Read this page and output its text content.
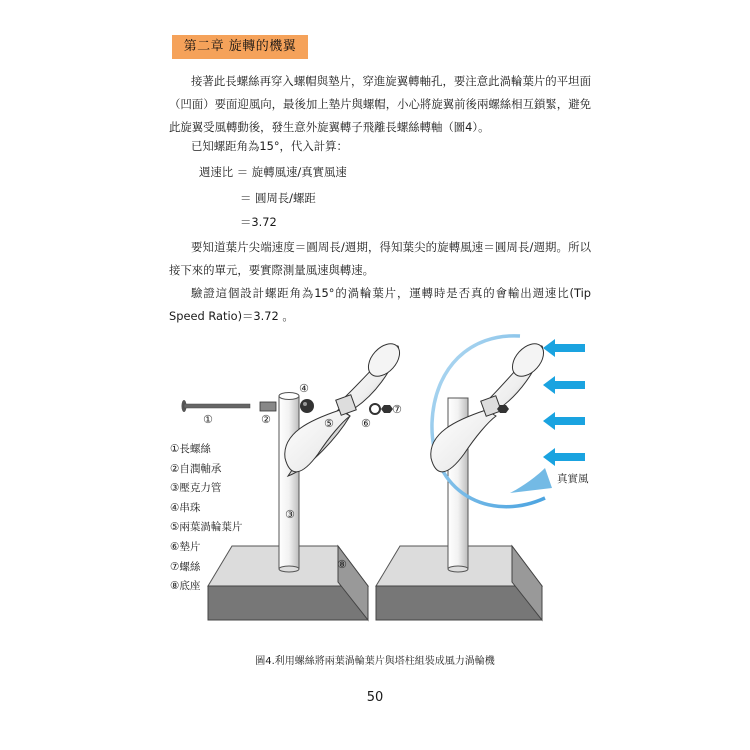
第二章 旋轉的機翼

接著此長螺絲再穿入螺帽與墊片，穿進旋翼轉軸孔，要注意此渦輪葉片的平坦面（凹面）要面迎風向，最後加上墊片與螺帽，小心將旋翼前後兩螺絲相互鎖緊，避免此旋翼受風轉動後，發生意外旋翼轉子飛離長螺絲轉軸（圖4）。

已知螺距角為15°，代入計算：
週速比 ＝ 旋轉風速/真實風速
＝ 圓周長/螺距
＝3.72

要知道葉片尖端速度＝圓周長/週期，得知葉尖的旋轉風速＝圓周長/週期。所以接下來的單元，要實際測量風速與轉速。

驗證這個設計螺距角為15°的渦輪葉片，運轉時是否真的會輸出週速比(Tip Speed Ratio)＝3.72 。

①	②
③
④
⑤ ⑥
⑦
⑧
①長螺絲
②自潤軸承
③壓克力管
④串珠
⑤兩葉渦輪葉片
⑥墊片
⑦螺絲
⑧底座
真實風
圖4.利用螺絲將兩葉渦輪葉片與塔柱組裝成風力渦輪機
50
